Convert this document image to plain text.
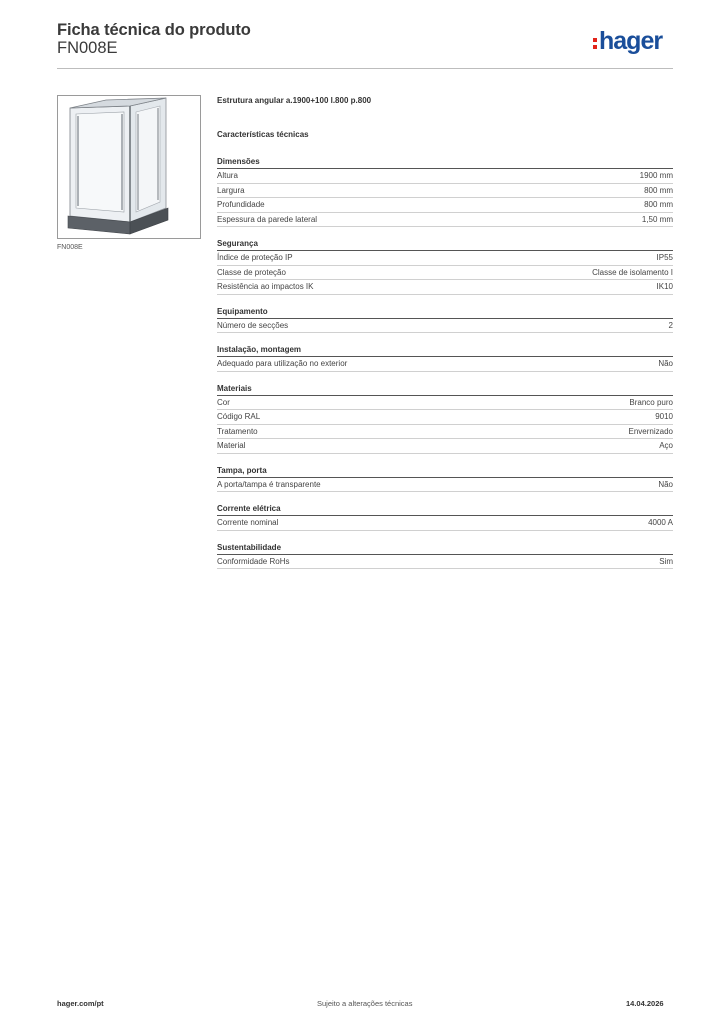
Ficha técnica do produto
FN008E	hager
FN008E
Estrutura angular a.1900+100 l.800 p.800
Características técnicas
Dimensões
Altura	1900 mm
Largura	800 mm
Profundidade	800 mm
Espessura da parede lateral	1,50 mm
Segurança
Índice de proteção IP	IP55
Classe de proteção	Classe de isolamento I
Resistência ao impactos IK	IK10
Equipamento
Número de secções	2
Instalação, montagem
Adequado para utilização no exterior	Não
Materiais
Cor	Branco puro
Código RAL	9010
Tratamento	Envernizado
Material	Aço
Tampa, porta
A porta/tampa é transparente	Não
Corrente elétrica
Corrente nominal	4000 A
Sustentabilidade
Conformidade RoHs	Sim
hager.com/pt	Sujeito a alterações técnicas	14.04.2026
